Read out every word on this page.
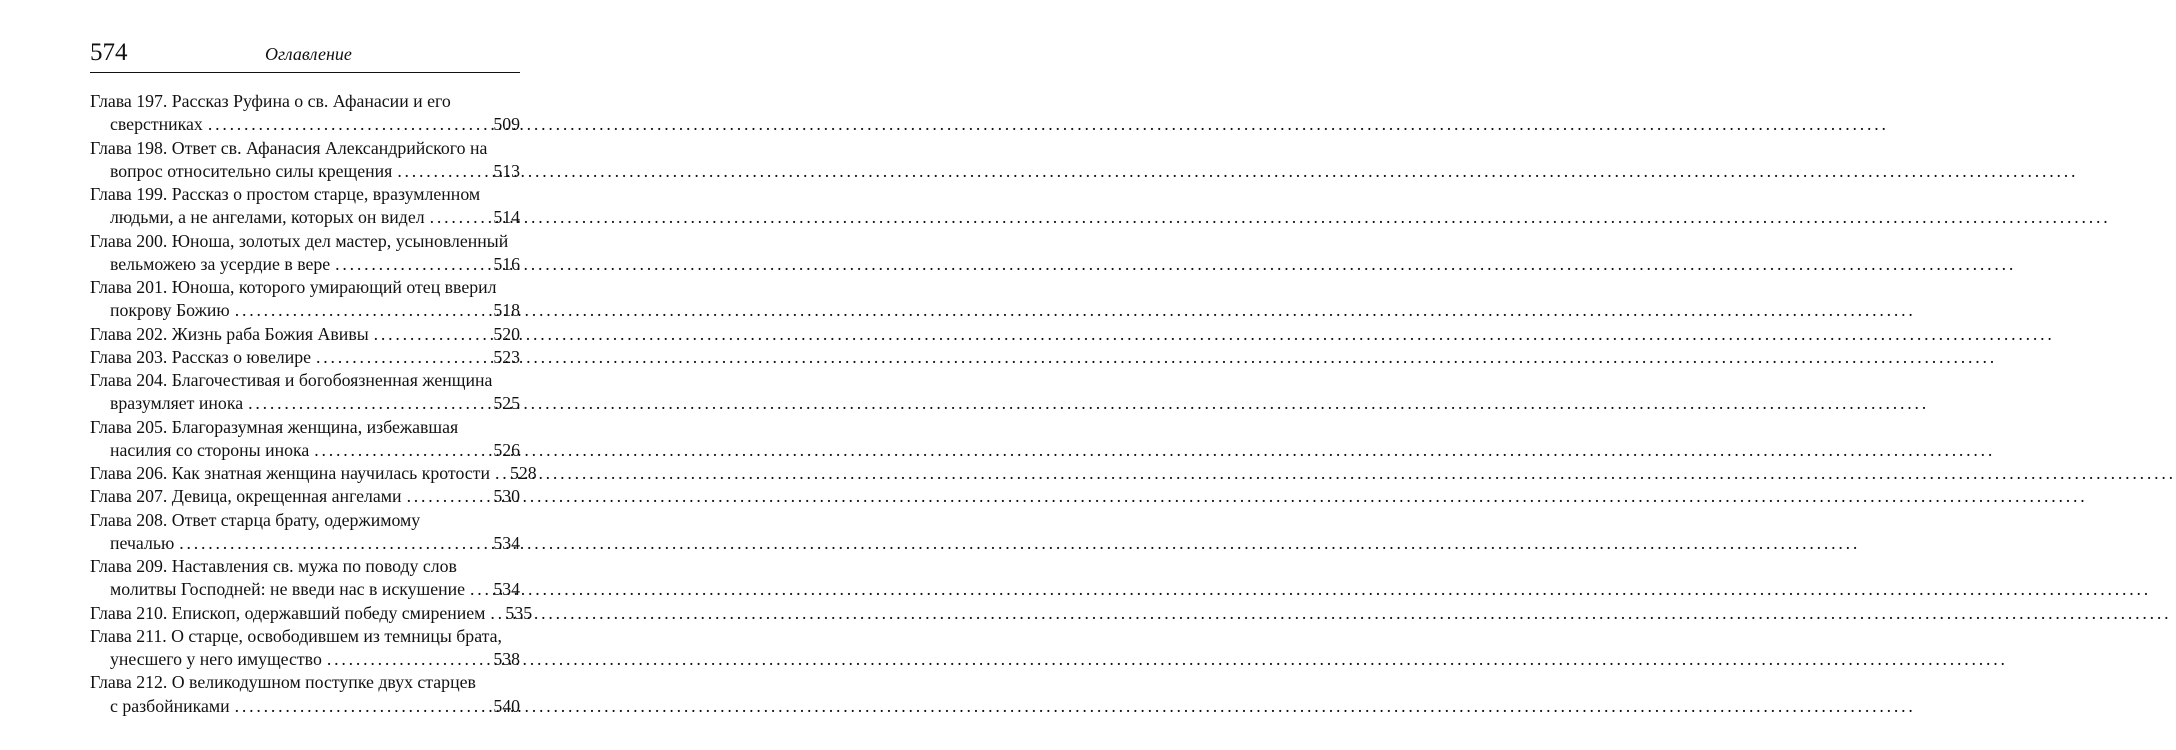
574	Оглавление
Глава 197. Рассказ Руфина о св. Афанасии и его
сверстниках .....	509
Глава 198. Ответ св. Афанасия Александрийского на
вопрос относительно силы крещения .....	513
Глава 199. Рассказ о простом старце, вразумленном
людьми, а не ангелами, которых он видел .....	514
Глава 200. Юноша, золотых дел мастер, усыновленный
вельможею за усердие в вере .....	516
Глава 201. Юноша, которого умирающий отец вверил
покрову Божию .....	518
Глава 202. Жизнь раба Божия Авивы .....	520
Глава 203. Рассказ о ювелире .....	523
Глава 204. Благочестивая и богобоязненная женщина
вразумляет инока .....	525
Глава 205. Благоразумная женщина, избежавшая
насилия со стороны инока .....	526
Глава 206. Как знатная женщина научилась кротости ..... 528
Глава 207. Девица, окрещенная ангелами .....	530
Глава 208. Ответ старца брату, одержимому
печалью .....	534
Глава 209. Наставления св. мужа по поводу слов
молитвы Господней: не введи нас в искушение ..... 534
Глава 210. Епископ, одержавший победу смирением ..... 535
Глава 211. О старце, освободившем из темницы брата,
унесшего у него имущество .....	538
Глава 212. О великодушном поступке двух старцев
с разбойниками .....	540
